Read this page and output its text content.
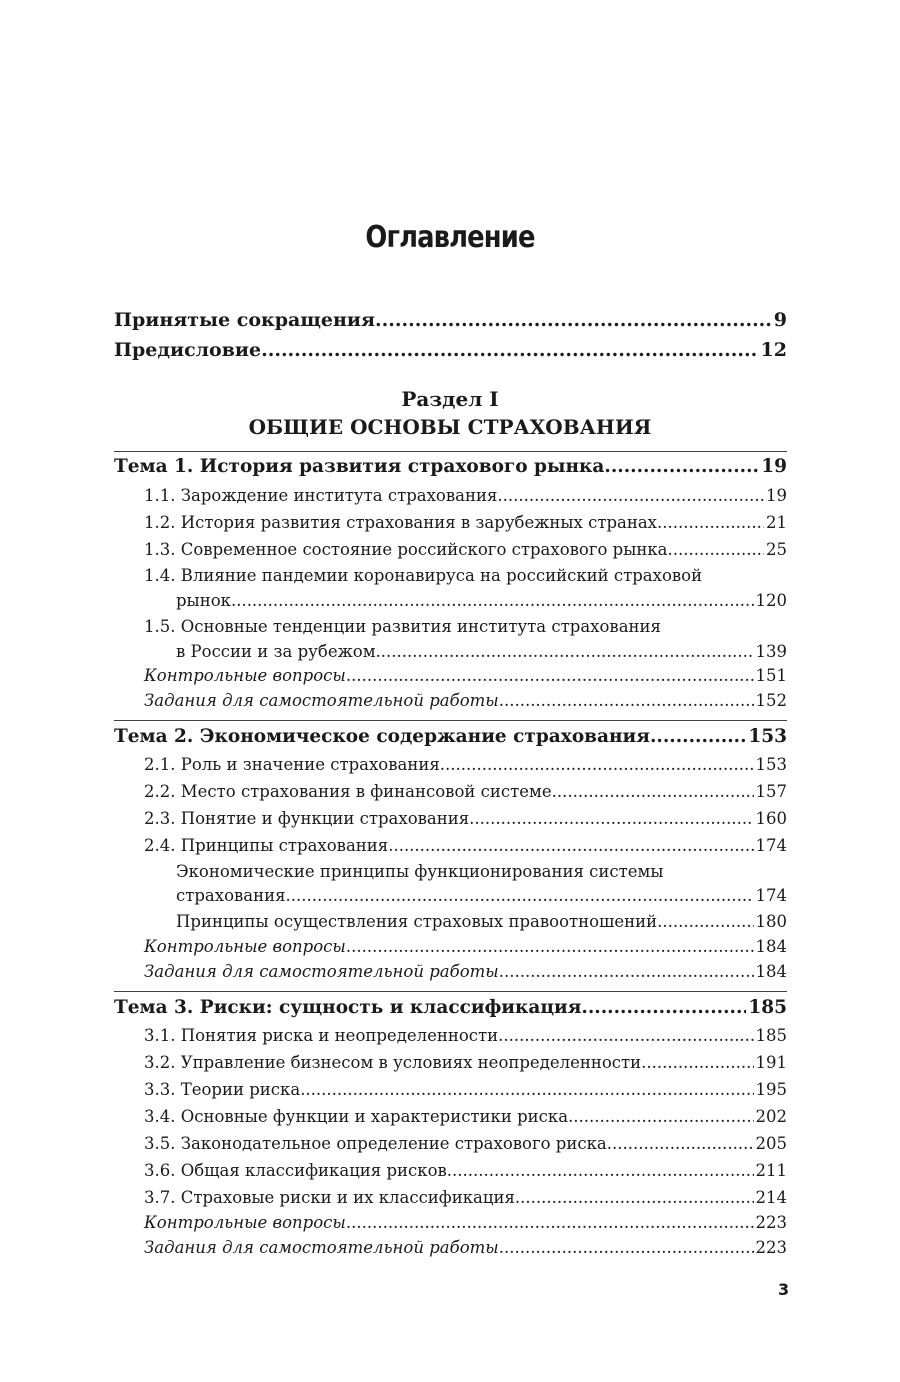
Оглавление
Принятые сокращения .....	9
Предисловие .....	12
Раздел I
ОБЩИЕ ОСНОВЫ СТРАХОВАНИЯ
Тема 1. История развития страхового рынка .....	19
1.1. Зарождение института страхования .....	19
1.2. История развития страхования в зарубежных странах .....	21
1.3. Современное состояние российского страхового рынка .....	25
1.4. Влияние пандемии коронавируса на российский страховой
рынок .....	120
1.5. Основные тенденции развития института страхования
в России и за рубежом .....	139
Контрольные вопросы .....	151
Задания для самостоятельной работы .....	152
Тема 2. Экономическое содержание страхования .....	153
2.1. Роль и значение страхования .....	153
2.2. Место страхования в финансовой системе .....	157
2.3. Понятие и функции страхования .....	160
2.4. Принципы страхования .....	174
Экономические принципы функционирования системы
страхования .....	174
Принципы осуществления страховых правоотношений .....	180
Контрольные вопросы .....	184
Задания для самостоятельной работы .....	184
Тема 3. Риски: сущность и классификация .....	185
3.1. Понятия риска и неопределенности .....	185
3.2. Управление бизнесом в условиях неопределенности .....	191
3.3. Теории риска .....	195
3.4. Основные функции и характеристики риска .....	202
3.5. Законодательное определение страхового риска .....	205
3.6. Общая классификация рисков .....	211
3.7. Страховые риски и их классификация .....	214
Контрольные вопросы .....	223
Задания для самостоятельной работы .....	223
3
